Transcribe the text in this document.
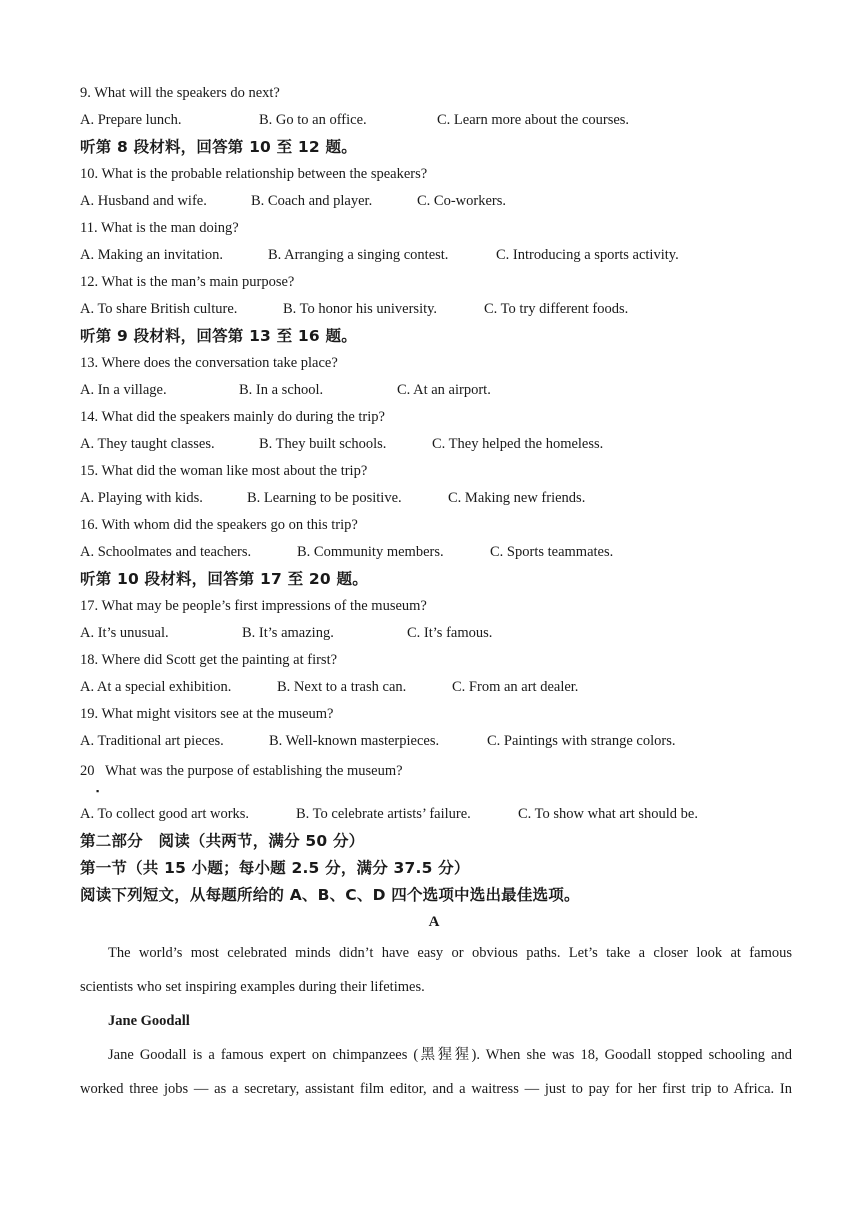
9. What will the speakers do next?
A. Prepare lunch.	B. Go to an office.	C. Learn more about the courses.
听第 8 段材料，回答第 10 至 12 题。
10. What is the probable relationship between the speakers?
A. Husband and wife.	B. Coach and player.	C. Co-workers.
11. What is the man doing?
A. Making an invitation.	B. Arranging a singing contest.	C. Introducing a sports activity.
12. What is the man’s main purpose?
A. To share British culture.	B. To honor his university.	C. To try different foods.
听第 9 段材料，回答第 13 至 16 题。
13. Where does the conversation take place?
A. In a village.	B. In a school.	C. At an airport.
14. What did the speakers mainly do during the trip?
A. They taught classes.	B. They built schools.	C. They helped the homeless.
15. What did the woman like most about the trip?
A. Playing with kids.	B. Learning to be positive.	C. Making new friends.
16. With whom did the speakers go on this trip?
A. Schoolmates and teachers.	B. Community members.	C. Sports teammates.
听第 10 段材料，回答第 17 至 20 题。
17. What may be people’s first impressions of the museum?
A. It’s unusual.	B. It’s amazing.	C. It’s famous.
18. Where did Scott get the painting at first?
A. At a special exhibition.	B. Next to a trash can.	C. From an art dealer.
19. What might visitors see at the museum?
A. Traditional art pieces.	B. Well-known masterpieces.	C. Paintings with strange colors.
20 What was the purpose of establishing the museum?
▪
A. To collect good art works.	B. To celebrate artists’ failure.	C. To show what art should be.
第二部分　阅读（共两节，满分 50 分）
第一节（共 15 小题；每小题 2.5 分，满分 37.5 分）
阅读下列短文，从每题所给的 A、B、C、D 四个选项中选出最佳选项。
A
The world’s most celebrated minds didn’t have easy or obvious paths. Let’s take a closer look at famous
scientists who set inspiring examples during their lifetimes.
Jane Goodall
Jane Goodall is a famous expert on chimpanzees (黑猩猩). When she was 18, Goodall stopped schooling and
worked three jobs — as a secretary, assistant film editor, and a waitress — just to pay for her first trip to Africa. In
